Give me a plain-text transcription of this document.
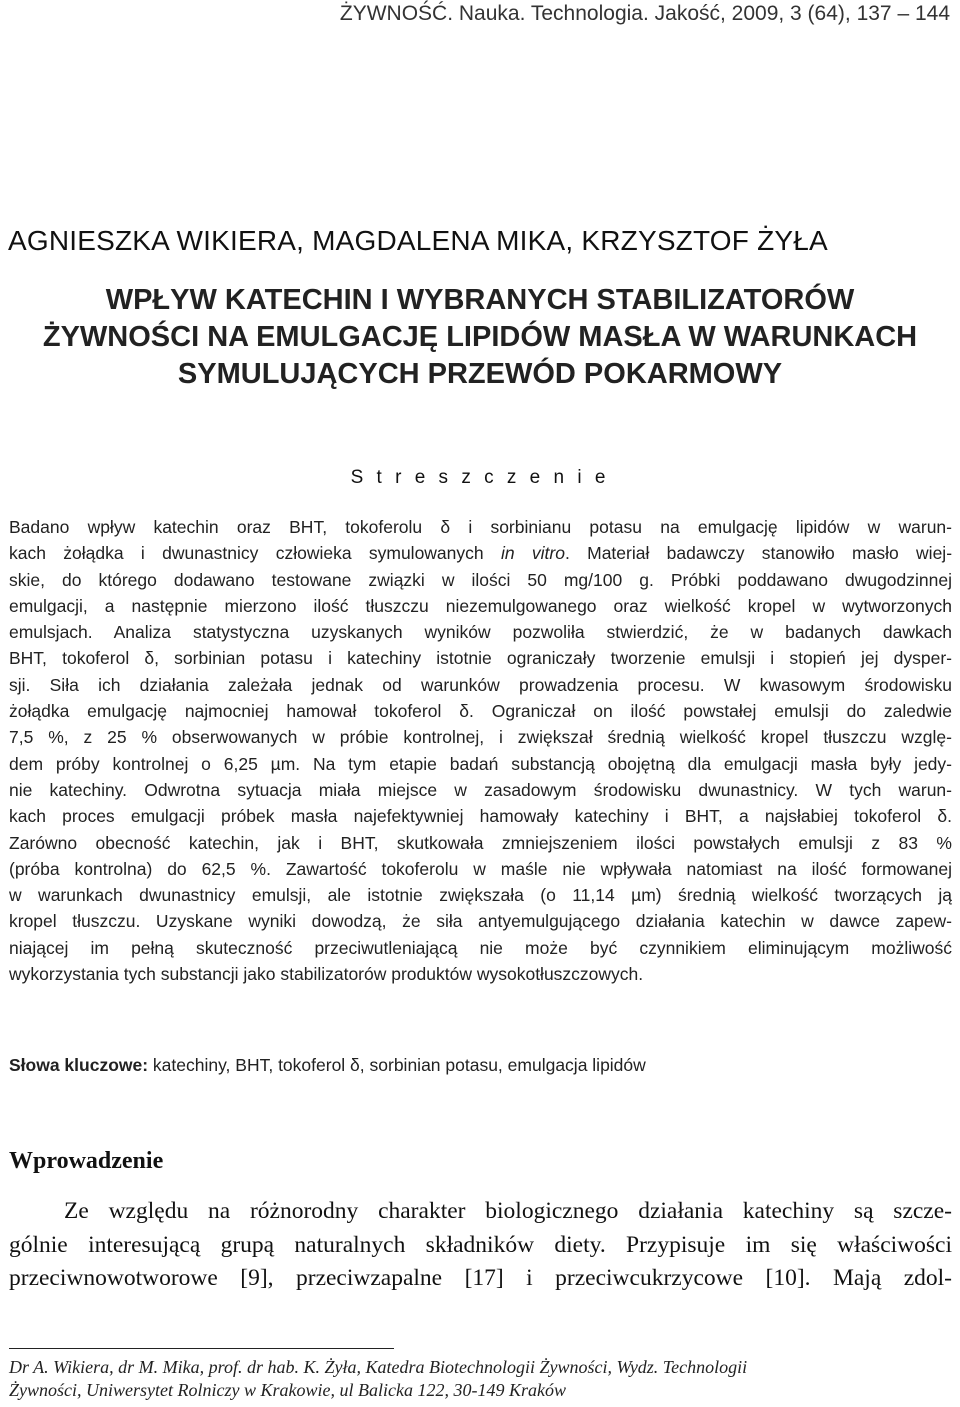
ŻYWNOŚĆ. Nauka. Technologia. Jakość, 2009, 3 (64), 137 – 144
AGNIESZKA WIKIERA, MAGDALENA MIKA, KRZYSZTOF ŻYŁA
WPŁYW KATECHIN I WYBRANYCH STABILIZATORÓW
ŻYWNOŚCI NA EMULGACJĘ LIPIDÓW MASŁA W WARUNKACH
SYMULUJĄCYCH PRZEWÓD POKARMOWY
S t r e s z c z e n i e
Badano wpływ katechin oraz BHT, tokoferolu δ i sorbinianu potasu na emulgację lipidów w warun-
kach żołądka i dwunastnicy człowieka symulowanych in vitro. Materiał badawczy stanowiło masło wiej-
skie, do którego dodawano testowane związki w ilości 50 mg/100 g. Próbki poddawano dwugodzinnej
emulgacji, a następnie mierzono ilość tłuszczu niezemulgowanego oraz wielkość kropel w wytworzonych
emulsjach. Analiza statystyczna uzyskanych wyników pozwoliła stwierdzić, że w badanych dawkach
BHT, tokoferol δ, sorbinian potasu i katechiny istotnie ograniczały tworzenie emulsji i stopień jej dysper-
sji. Siła ich działania zależała jednak od warunków prowadzenia procesu. W kwasowym środowisku
żołądka emulgację najmocniej hamował tokoferol δ. Ograniczał on ilość powstałej emulsji do zaledwie
7,5 %, z 25 % obserwowanych w próbie kontrolnej, i zwiększał średnią wielkość kropel tłuszczu wzglę-
dem próby kontrolnej o 6,25 µm. Na tym etapie badań substancją obojętną dla emulgacji masła były jedy-
nie katechiny. Odwrotna sytuacja miała miejsce w zasadowym środowisku dwunastnicy. W tych warun-
kach proces emulgacji próbek masła najefektywniej hamowały katechiny i BHT, a najsłabiej tokoferol δ.
Zarówno obecność katechin, jak i BHT, skutkowała zmniejszeniem ilości powstałych emulsji z 83 %
(próba kontrolna) do 62,5 %. Zawartość tokoferolu w maśle nie wpływała natomiast na ilość formowanej
w warunkach dwunastnicy emulsji, ale istotnie zwiększała (o 11,14 µm) średnią wielkość tworzących ją
kropel tłuszczu. Uzyskane wyniki dowodzą, że siła antyemulgującego działania katechin w dawce zapew-
niającej im pełną skuteczność przeciwutleniającą nie może być czynnikiem eliminującym możliwość
wykorzystania tych substancji jako stabilizatorów produktów wysokotłuszczowych.
Słowa kluczowe: katechiny, BHT, tokoferol δ, sorbinian potasu, emulgacja lipidów
Wprowadzenie
Ze względu na różnorodny charakter biologicznego działania katechiny są szcze-
gólnie interesującą grupą naturalnych składników diety. Przypisuje im się właściwości
przeciwnowotworowe [9], przeciwzapalne [17] i przeciwcukrzycowe [10]. Mają zdol-
Dr A. Wikiera, dr M. Mika, prof. dr hab. K. Żyła, Katedra Biotechnologii Żywności, Wydz. Technologii
Żywności, Uniwersytet Rolniczy w Krakowie, ul Balicka 122, 30-149 Kraków
